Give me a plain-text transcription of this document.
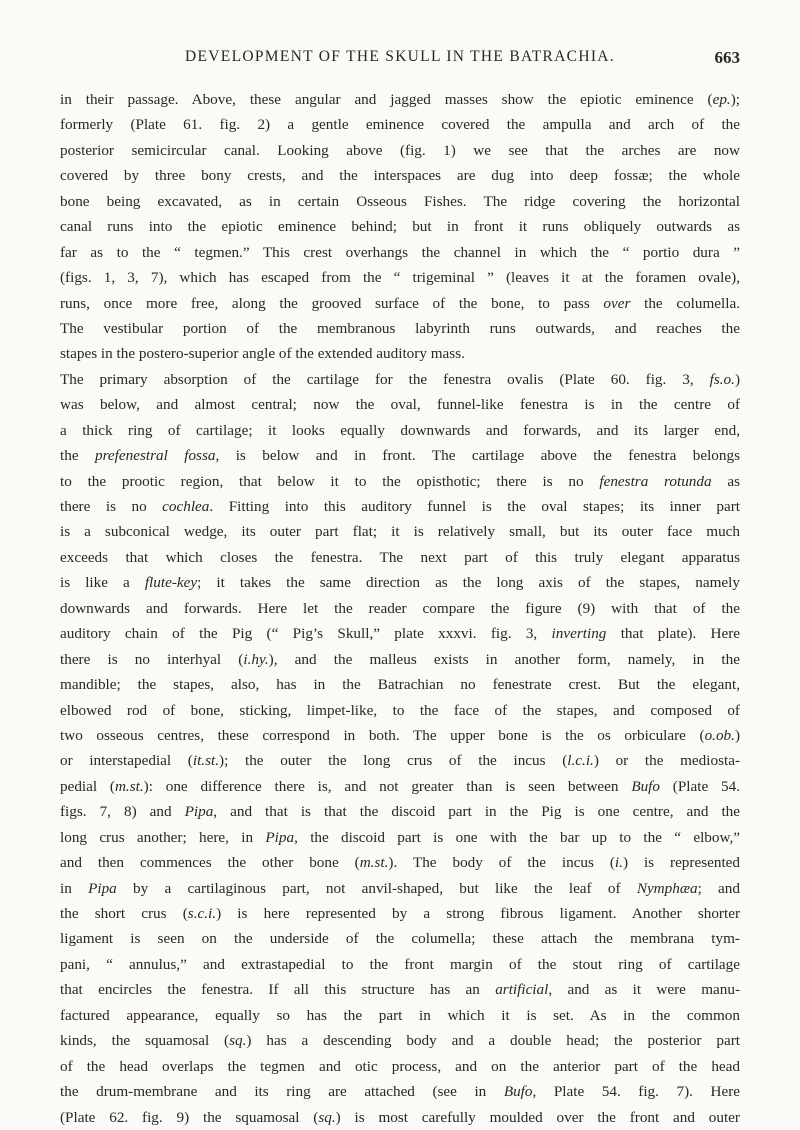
DEVELOPMENT OF THE SKULL IN THE BATRACHIA.	663
in their passage. Above, these angular and jagged masses show the epiotic eminence (ep.);
formerly (Plate 61. fig. 2) a gentle eminence covered the ampulla and arch of the
posterior semicircular canal. Looking above (fig. 1) we see that the arches are now
covered by three bony crests, and the interspaces are dug into deep fossæ; the whole
bone being excavated, as in certain Osseous Fishes. The ridge covering the horizontal
canal runs into the epiotic eminence behind; but in front it runs obliquely outwards as
far as to the “ tegmen.” This crest overhangs the channel in which the “ portio dura ”
(figs. 1, 3, 7), which has escaped from the “ trigeminal ” (leaves it at the foramen ovale),
runs, once more free, along the grooved surface of the bone, to pass over the columella.
The vestibular portion of the membranous labyrinth runs outwards, and reaches the
stapes in the postero-superior angle of the extended auditory mass.
The primary absorption of the cartilage for the fenestra ovalis (Plate 60. fig. 3, fs.o.)
was below, and almost central; now the oval, funnel-like fenestra is in the centre of
a thick ring of cartilage; it looks equally downwards and forwards, and its larger end,
the prefenestral fossa, is below and in front. The cartilage above the fenestra belongs
to the prootic region, that below it to the opisthotic; there is no fenestra rotunda as
there is no cochlea. Fitting into this auditory funnel is the oval stapes; its inner part
is a subconical wedge, its outer part flat; it is relatively small, but its outer face much
exceeds that which closes the fenestra. The next part of this truly elegant apparatus
is like a flute-key; it takes the same direction as the long axis of the stapes, namely
downwards and forwards. Here let the reader compare the figure (9) with that of the
auditory chain of the Pig (“ Pig’s Skull,” plate xxxvi. fig. 3, inverting that plate). Here
there is no interhyal (i.hy.), and the malleus exists in another form, namely, in the
mandible; the stapes, also, has in the Batrachian no fenestrate crest. But the elegant,
elbowed rod of bone, sticking, limpet-like, to the face of the stapes, and composed of
two osseous centres, these correspond in both. The upper bone is the os orbiculare (o.ob.)
or interstapedial (it.st.); the outer the long crus of the incus (l.c.i.) or the mediosta-
pedial (m.st.): one difference there is, and not greater than is seen between Bufo (Plate 54.
figs. 7, 8) and Pipa, and that is that the discoid part in the Pig is one centre, and the
long crus another; here, in Pipa, the discoid part is one with the bar up to the “ elbow,”
and then commences the other bone (m.st.). The body of the incus (i.) is represented
in Pipa by a cartilaginous part, not anvil-shaped, but like the leaf of Nymphæa; and
the short crus (s.c.i.) is here represented by a strong fibrous ligament. Another shorter
ligament is seen on the underside of the columella; these attach the membrana tym-
pani, “ annulus,” and extrastapedial to the front margin of the stout ring of cartilage
that encircles the fenestra. If all this structure has an artificial, and as it were manu-
factured appearance, equally so has the part in which it is set. As in the common
kinds, the squamosal (sq.) has a descending body and a double head; the posterior part
of the head overlaps the tegmen and otic process, and on the anterior part of the head
the drum-membrane and its ring are attached (see in Bufo, Plate 54. fig. 7). Here
(Plate 62. fig. 9) the squamosal (sq.) is most carefully moulded over the front and outer
